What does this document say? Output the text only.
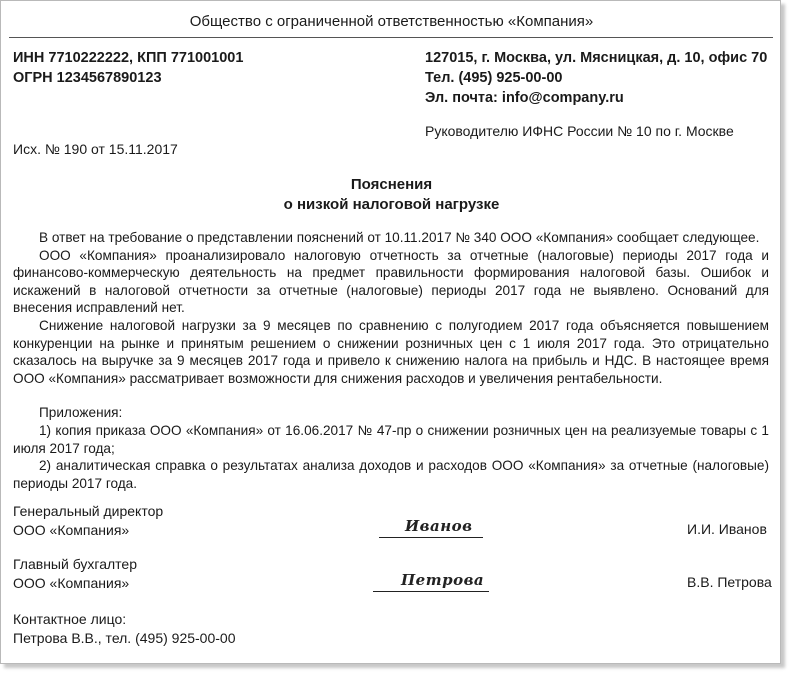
Общество с ограниченной ответственностью «Компания»
ИНН 7710222222, КПП 771001001
ОГРН 1234567890123
127015, г. Москва, ул. Мясницкая, д. 10, офис 70
Тел. (495) 925-00-00
Эл. почта: info@company.ru
Руководителю ИФНС России № 10 по г. Москве
Исх. № 190 от 15.11.2017
Пояснения
о низкой налоговой нагрузке

В ответ на требование о представлении пояснений от 10.11.2017 № 340 ООО «Компания» сообщает следующее.

ООО «Компания» проанализировало налоговую отчетность за отчетные (налоговые) периоды 2017 года и финансово-коммерческую деятельность на предмет правильности формирования налоговой базы. Ошибок и искажений в налоговой отчетности за отчетные (налоговые) периоды 2017 года не выявлено. Оснований для внесения исправлений нет.

Снижение налоговой нагрузки за 9 месяцев по сравнению с полугодием 2017 года объясняется повышением конкуренции на рынке и принятым решением о снижении розничных цен с 1 июля 2017 года. Это отрицательно сказалось на выручке за 9 месяцев 2017 года и привело к снижению налога на прибыль и НДС. В настоящее время ООО «Компания» рассматривает возможности для снижения расходов и увеличения рентабельности.

Приложения:

1) копия приказа ООО «Компания» от 16.06.2017 № 47-пр о снижении розничных цен на реализуемые товары с 1 июля 2017 года;

2) аналитическая справка о результатах анализа доходов и расходов ООО «Компания» за отчетные (налоговые) периоды 2017 года.

Генеральный директор
ООО «Компания»	Иванов	И.И. Иванов
Главный бухгалтер
ООО «Компания»	Петрова	В.В. Петрова
Контактное лицо:
Петрова В.В., тел. (495) 925-00-00
